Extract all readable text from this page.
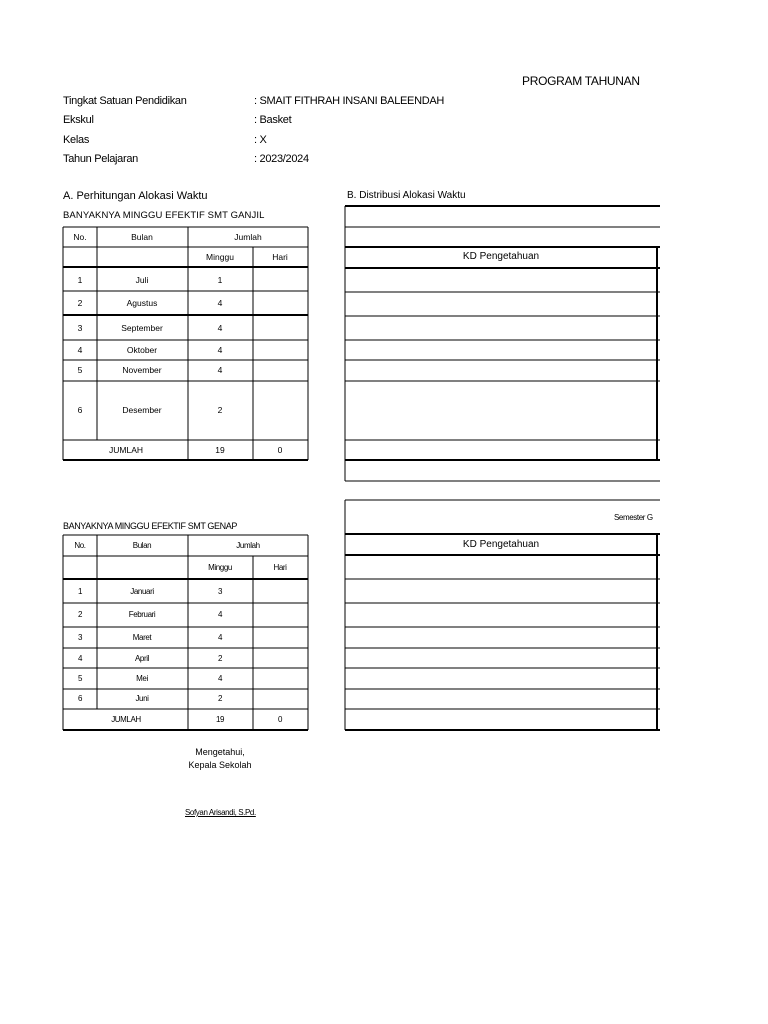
PROGRAM TAHUNAN
Tingkat Satuan Pendidikan	: SMAIT FITHRAH INSANI BALEENDAH
Ekskul	: Basket
Kelas	: X
Tahun Pelajaran	: 2023/2024
A. Perhitungan Alokasi Waktu	B. Distribusi Alokasi Waktu
BANYAKNYA MINGGU EFEKTIF SMT GANJIL
BANYAKNYA MINGGU EFEKTIF SMT GENAP
No.	Bulan	Jumlah
Minggu	Hari
1	Juli	1
2	Agustus	4
3	September	4
4	Oktober	4
5	November	4
6	Desember	2
JUMLAH	19	0
No.	Bulan	Jumlah
Minggu	Hari
1	Januari	3
2	Februari	4
3	Maret	4
4	April	2
5	Mei	4
6	Juni	2
JUMLAH	19	0
KD Pengetahuan
Semester G
KD Pengetahuan
Mengetahui,
Kepala Sekolah
Sofyan Arisandi, S.Pd.
